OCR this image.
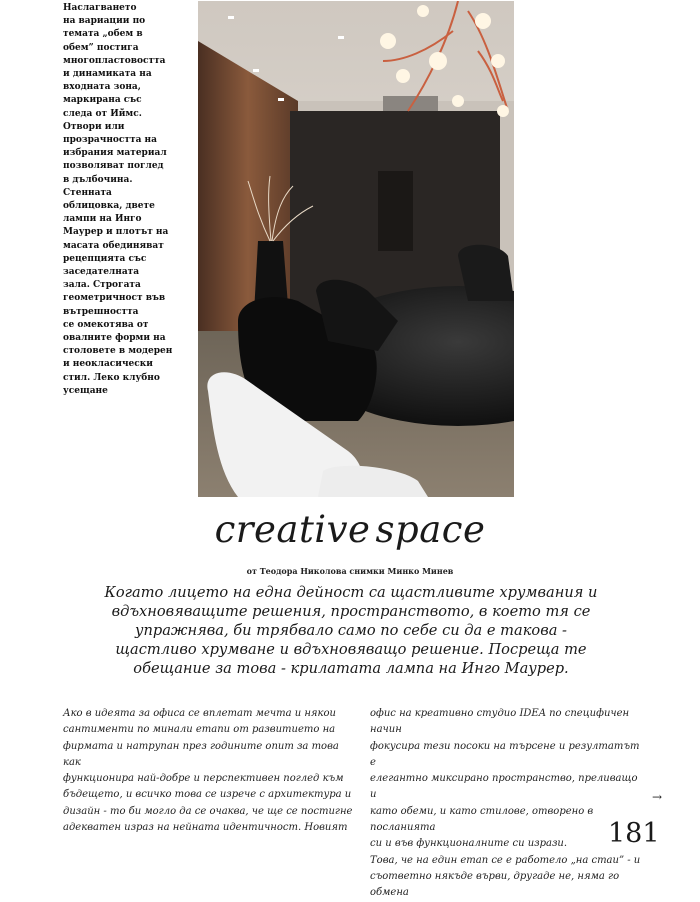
Наслагването
на вариации по
темата „обем в
обем” постига
многопластовостта
и динамиката на
входната зона,
маркирана със
следа от Иймс.
Отвори или
прозрачността на
избрания материал
позволяват поглед
в дълбочина.
Стенната
облицовка, двете
лампи на Инго
Маурер и плотът на
масата обединяват
рецепцията със
заседателната
зала. Строгата
геометричност във
вътрешността
се омекотява от
овалните форми на
столовете в модерен
и неокласически
стил. Леко клубно
усещане
creative space
от Теодора Николова снимки Минко Минев
Когато лицето на една дейност са щастливите хрумвания и вдъхновяващите решения, пространството, в което тя се упражнява, би трябвало само по себе си да е такова - щастливо хрумване и вдъхновяващо решение. Посреща те обещание за това - крилатата лампа на Инго Маурер.
Ако в идеята за офиса се вплетат мечта и някои
сантименти по минали етапи от развитието на
фирмата и натрупан през годините опит за това как
функционира най-добре и перспективен поглед към
бъдещето, и всичко това се изрече с архитектура и
дизайн - то би могло да се очаква, че ще се постигне
адекватен израз на нейната идентичност. Новият
офис на креативно студио IDEA по специфичен начин
фокусира тези посоки на търсене и резултатът е
елегантно миксирано пространство, преливащо и
като обеми, и като стилове, отворено в посланията
си и във функционалните си изрази.
Това, че на един етап се е работело „на стаи” - и
съответно някъде върви, другаде не, няма го обмена
→
181
